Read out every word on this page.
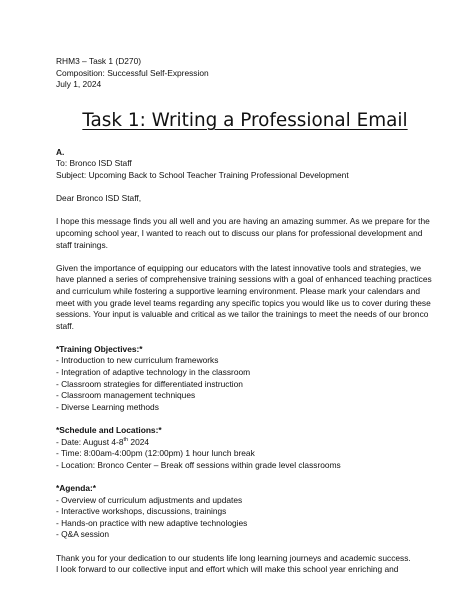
RHM3 – Task 1 (D270)
Composition: Successful Self-Expression
July 1, 2024
Task 1: Writing a Professional Email
A.
To: Bronco ISD Staff
Subject: Upcoming Back to School Teacher Training Professional Development

Dear Bronco ISD Staff,

I hope this message finds you all well and you are having an amazing summer. As we prepare for the upcoming school year, I wanted to reach out to discuss our plans for professional development and staff trainings.

Given the importance of equipping our educators with the latest innovative tools and strategies, we have planned a series of comprehensive training sessions with a goal of enhanced teaching practices and curriculum while fostering a supportive learning environment. Please mark your calendars and meet with you grade level teams regarding any specific topics you would like us to cover during these sessions. Your input is valuable and critical as we tailor the trainings to meet the needs of our bronco staff.

*Training Objectives:*
- Introduction to new curriculum frameworks
- Integration of adaptive technology in the classroom
- Classroom strategies for differentiated instruction
- Classroom management techniques
- Diverse Learning methods
*Schedule and Locations:*
- Date: August 4-8th 2024
- Time: 8:00am-4:00pm (12:00pm) 1 hour lunch break
- Location: Bronco Center – Break off sessions within grade level classrooms
*Agenda:*
- Overview of curriculum adjustments and updates
- Interactive workshops, discussions, trainings
- Hands-on practice with new adaptive technologies
- Q&A session
Thank you for your dedication to our students life long learning journeys and academic success.
I look forward to our collective input and effort which will make this school year enriching and
